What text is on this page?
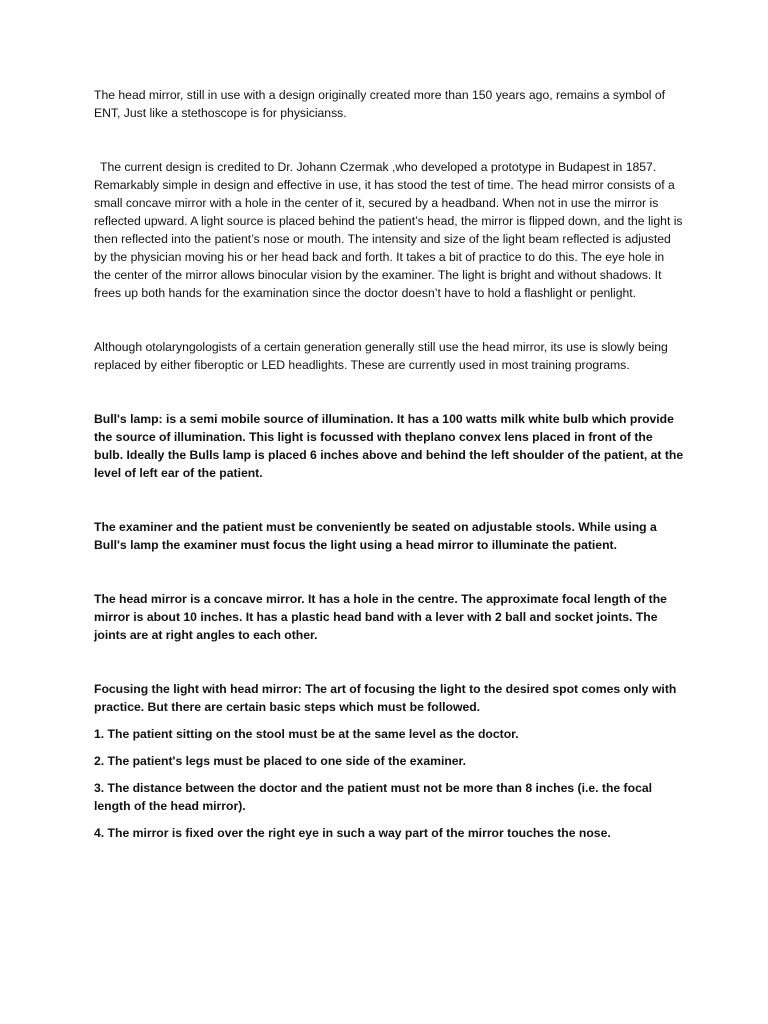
The head mirror, still in use with a design originally created more than 150 years ago, remains a symbol of ENT, Just like a stethoscope is for physicianss.

The current design is credited to Dr. Johann Czermak ,who developed a prototype in Budapest in 1857. Remarkably simple in design and effective in use, it has stood the test of time. The head mirror consists of a small concave mirror with a hole in the center of it, secured by a headband. When not in use the mirror is reflected upward. A light source is placed behind the patient’s head, the mirror is flipped down, and the light is then reflected into the patient’s nose or mouth. The intensity and size of the light beam reflected is adjusted by the physician moving his or her head back and forth. It takes a bit of practice to do this. The eye hole in the center of the mirror allows binocular vision by the examiner. The light is bright and without shadows. It frees up both hands for the examination since the doctor doesn’t have to hold a flashlight or penlight.

Although otolaryngologists of a certain generation generally still use the head mirror, its use is slowly being replaced by either fiberoptic or LED headlights. These are currently used in most training programs.

Bull's lamp: is a semi mobile source of illumination. It has a 100 watts milk white bulb which provide the source of illumination. This light is focussed with theplano convex lens placed in front of the bulb. Ideally the Bulls lamp is placed 6 inches above and behind the left shoulder of the patient, at the level of left ear of the patient.

The examiner and the patient must be conveniently be seated on adjustable stools. While using a Bull's lamp the examiner must focus the light using a head mirror to illuminate the patient.

The head mirror is a concave mirror. It has a hole in the centre. The approximate focal length of the mirror is about 10 inches. It has a plastic head band with a lever with 2 ball and socket joints. The joints are at right angles to each other.

Focusing the light with head mirror: The art of focusing the light to the desired spot comes only with practice. But there are certain basic steps which must be followed.

1. The patient sitting on the stool must be at the same level as the doctor.

2. The patient's legs must be placed to one side of the examiner.

3. The distance between the doctor and the patient must not be more than 8 inches (i.e. the focal length of the head mirror).

4. The mirror is fixed over the right eye in such a way part of the mirror touches the nose.
